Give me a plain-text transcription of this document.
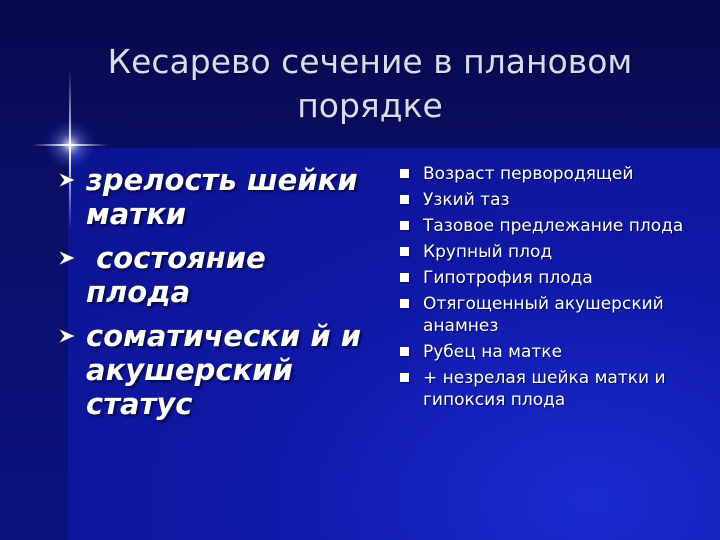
Кесарево сечение в плановом порядке
зрелость шейки матки
состояние плода
соматически й и акушерский статус
Возраст первородящей
Узкий таз
Тазовое предлежание плода
Крупный плод
Гипотрофия плода
Отягощенный акушерский анамнез
Рубец на матке
+ незрелая шейка матки и гипоксия плода
